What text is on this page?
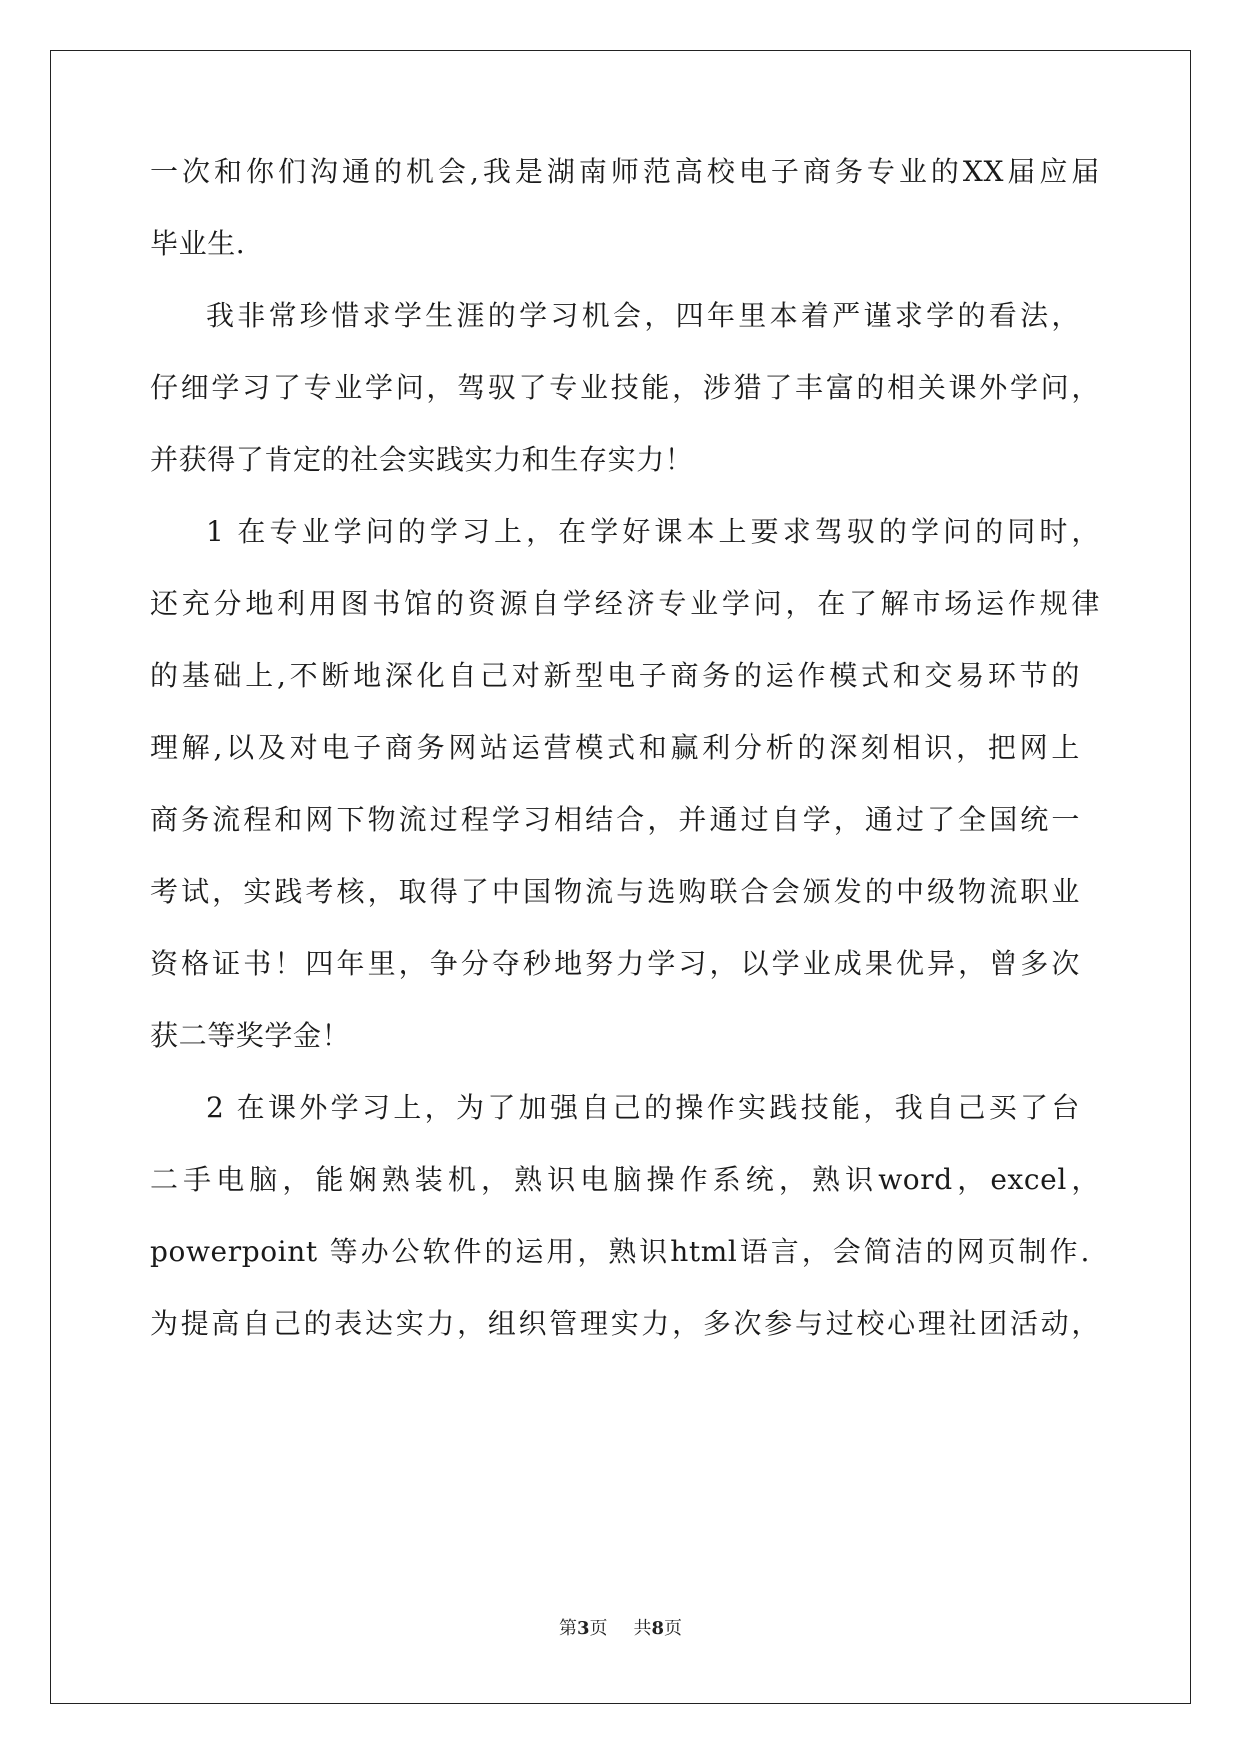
一次和你们沟通的机会,我是湖南师范高校电子商务专业的XX届应届
毕业生.
我非常珍惜求学生涯的学习机会，四年里本着严谨求学的看法，
仔细学习了专业学问，驾驭了专业技能，涉猎了丰富的相关课外学问，
并获得了肯定的社会实践实力和生存实力！
1 在专业学问的学习上，在学好课本上要求驾驭的学问的同时，
还充分地利用图书馆的资源自学经济专业学问，在了解市场运作规律
的基础上,不断地深化自己对新型电子商务的运作模式和交易环节的
理解,以及对电子商务网站运营模式和赢利分析的深刻相识，把网上
商务流程和网下物流过程学习相结合，并通过自学，通过了全国统一
考试，实践考核，取得了中国物流与选购联合会颁发的中级物流职业
资格证书！四年里，争分夺秒地努力学习，以学业成果优异，曾多次
获二等奖学金！
2 在课外学习上，为了加强自己的操作实践技能，我自己买了台
二手电脑，能娴熟装机，熟识电脑操作系统，熟识word，excel，
powerpoint 等办公软件的运用，熟识html语言，会简洁的网页制作.
为提高自己的表达实力，组织管理实力，多次参与过校心理社团活动，
第3页 共8页
